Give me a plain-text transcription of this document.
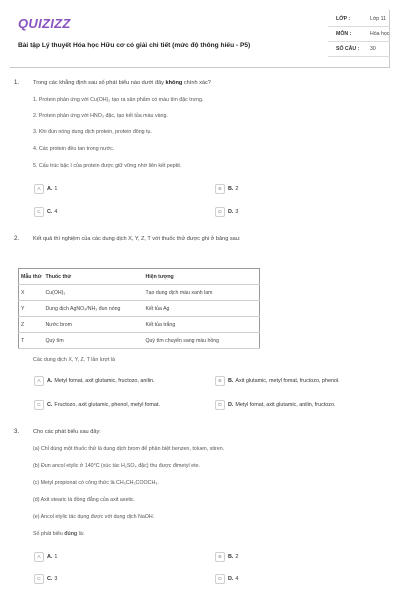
QUIZIZZ
Bài tập Lý thuyết Hóa học Hữu cơ có giải chi tiết (mức độ thông hiểu - P5)
LỚP :	Lớp 11
MÔN :	Hóa học
SỐ CÂU :	30
1. Trong các khẳng định sau số phát biểu nào dưới đây không chính xác?
1. Protein phản ứng với Cu(OH)₂ tạo ra sản phẩm có màu tím đặc trưng.
2. Protein phản ứng với HNO₃ đặc, tạo kết tủa màu vàng.
3. Khi đun nóng dung dịch protein, protein đông tụ.
4. Các protein đều tan trong nước.
5. Cấu trúc bậc I của protein được giữ vững nhờ liên kết peptit.
A	A. 1	B	B. 2
C	C. 4	D	D. 3
2. Kết quả thí nghiệm của các dung dịch X, Y, Z, T với thuốc thử được ghi ở bảng sau:
Mẫu thử	Thuốc thử	Hiện tượng
X	Cu(OH)₂	Tạo dung dịch màu xanh lam
Y	Dung dịch AgNO₃/NH₃ đun nóng	Kết tủa Ag
Z	Nước brom	Kết tủa trắng
T	Quỳ tím	Quỳ tím chuyển sang màu hồng
Các dung dịch X, Y, Z, T lần lượt là
A	A. Metyl fomat, axit glutamic, fructozo, anilin.	B	B. Axit glutamic, metyl fomat, fructozo, phenol.
C	C. Fructozo, axit glutamic, phenol, metyl fomat.	D	D. Metyl fomat, axit glutamic, anilin, fructozo.
3. Cho các phát biểu sau đây:
(a) Chỉ dùng một thuốc thử là dung dịch brom để phân biệt benzen, toluen, stiren.
(b) Đun ancol etylic ở 140°C (xúc tác H₂SO₄ đặc) thu được đimetyl ete.
(c) Metyl propionat có công thức là CH₃CH₂COOCH₃.
(d) Axit stearic là đồng đẳng của axit axetic.
(e) Ancol etylic tác dụng được với dung dịch NaOH.
Số phát biểu đúng là:
A	A. 1	B	B. 2
C	C. 3	D	D. 4
